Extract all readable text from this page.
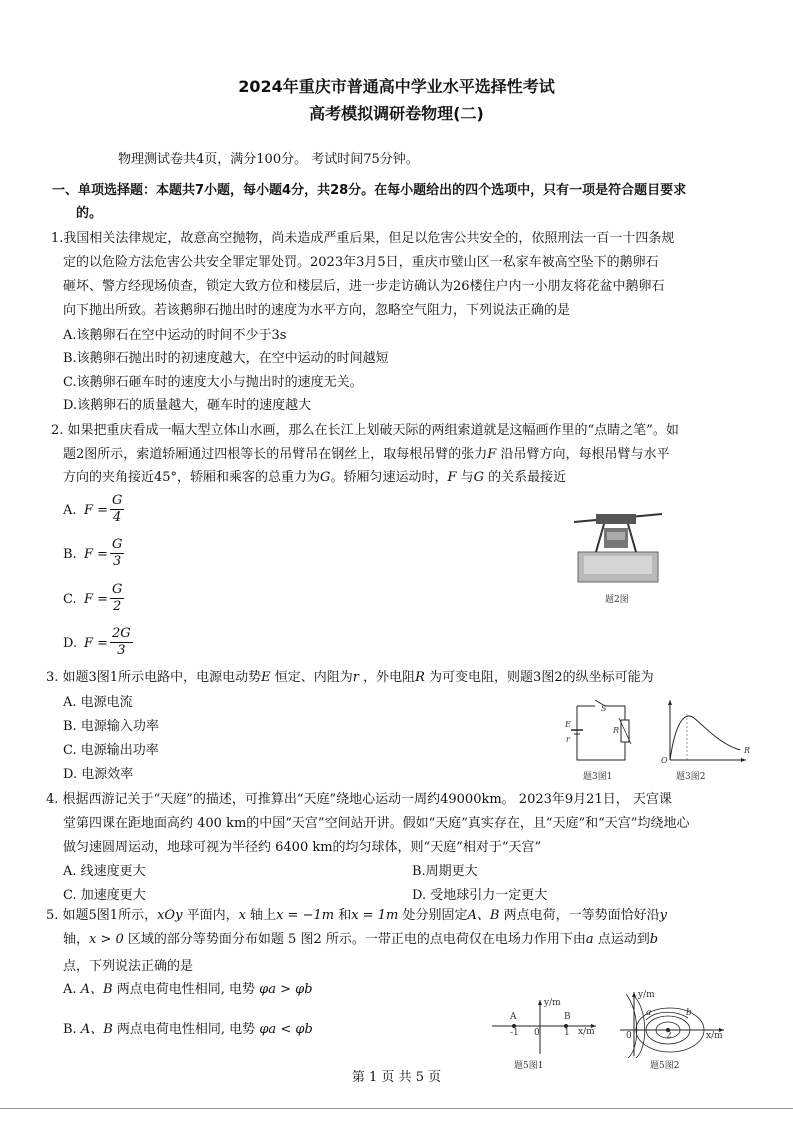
2024年重庆市普通高中学业水平选择性考试
高考模拟调研卷物理(二)
物理测试卷共4页，满分100分。 考试时间75分钟。
一、单项选择题：本题共7小题，每小题4分，共28分。在每小题给出的四个选项中，只有一项是符合题目要求
的。
1.我国相关法律规定，故意高空抛物，尚未造成严重后果，但足以危害公共安全的，依照刑法一百一十四条规
定的以危险方法危害公共安全罪定罪处罚。2023年3月5日，重庆市璧山区一私家车被高空坠下的鹅卵石
砸坏、警方经现场侦查，锁定大致方位和楼层后，进一步走访确认为26楼住户内一小朋友将花盆中鹅卵石
向下抛出所致。若该鹅卵石抛出时的速度为水平方向，忽略空气阻力，下列说法正确的是
A.该鹅卵石在空中运动的时间不少于3s
B.该鹅卵石抛出时的初速度越大，在空中运动的时间越短
C.该鹅卵石砸车时的速度大小与抛出时的速度无关。
D.该鹅卵石的质量越大，砸车时的速度越大
2. 如果把重庆看成一幅大型立体山水画，那么在长江上划破天际的两组索道就是这幅画作里的“点睛之笔”。如
题2图所示，索道轿厢通过四根等长的吊臂吊在钢丝上，取每根吊臂的张力F 沿吊臂方向，每根吊臂与水平
方向的夹角接近45°，轿厢和乘客的总重力为G。轿厢匀速运动时，F 与G 的关系最接近
A. $F = \frac{G}{4}$
B. $F = \frac{G}{3}$
C. $F = \frac{G}{2}$
D. $F = \frac{2G}{3}$
题2图
3. 如题3图1所示电路中，电源电动势E 恒定、内阻为r ，外电阻R 为可变电阻，则题3图2的纵坐标可能为
A. 电源电流
B. 电源输入功率
C. 电源输出功率
D. 电源效率
S
E
r
R
题3图1
O
R
题3图2
4. 根据西游记关于“天庭”的描述，可推算出“天庭”绕地心运动一周约49000km。 2023年9月21日， 天宫课
堂第四课在距地面高约 400 km的中国“天宫”空间站开讲。假如“天庭”真实存在，且“天庭”和“天宫”均绕地心
做匀速圆周运动，地球可视为半径约 6400 km的均匀球体，则“天庭”相对于“天宫”
A. 线速度更大	B.周期更大
C. 加速度更大	D. 受地球引力一定更大
5. 如题5图1所示，xOy 平面内，x 轴上x = −1m 和x = 1m 处分别固定A、B 两点电荷，一等势面恰好沿y
轴，x > 0 区域的部分等势面分布如题 5 图2 所示。一带正电的点电荷仅在电场力作用下由a 点运动到b
点，下列说法正确的是
A. A、B 两点电荷电性相同, 电势 φa > φb
B. A、B 两点电荷电性相同, 电势 φa < φb
y/m
x/m
A	B
-1 0	1
题5图1
y/m
x/m
a	b
0	2
题5图2
第 1 页 共 5 页
